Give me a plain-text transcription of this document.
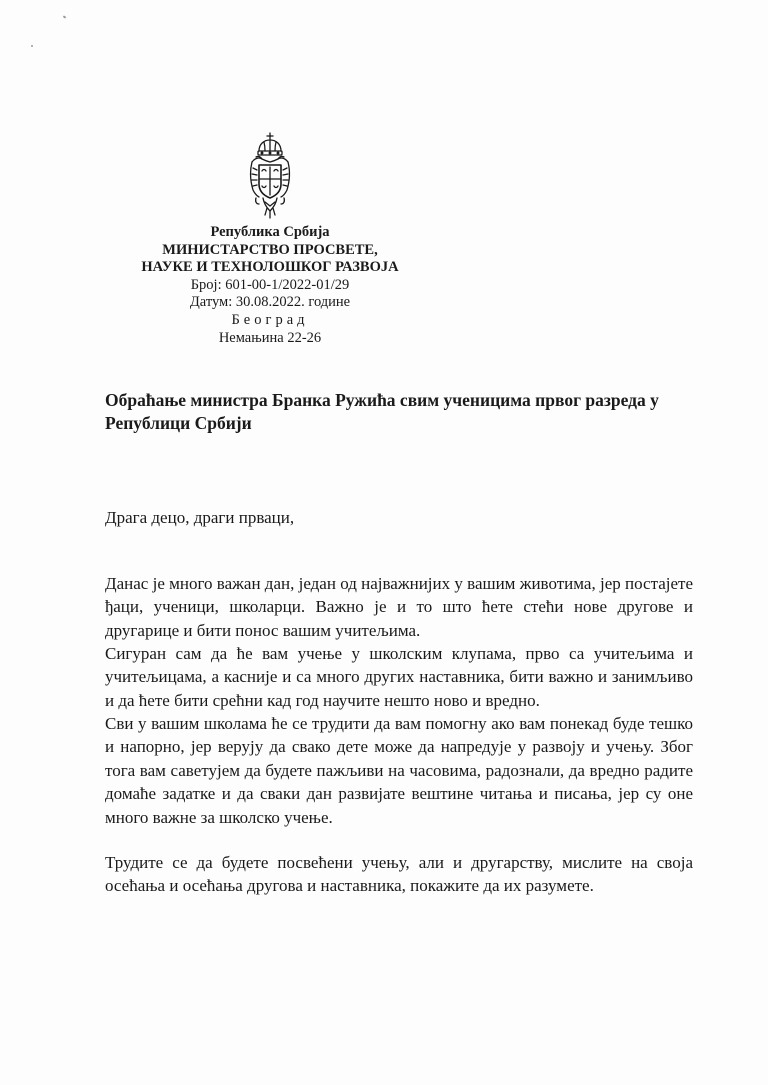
Република Србија
МИНИСТАРСТВО ПРОСВЕТЕ,
НАУКЕ И ТЕХНОЛОШКОГ РАЗВОЈА
Број: 601-00-1/2022-01/29
Датум: 30.08.2022. године
Београд
Немањина 22-26
Обраћање министра Бранка Ружића свим ученицима првог разреда у Републици Србији

Драга децо, драги прваци,

Данас је много важан дан, један од најважнијих у вашим животима, јер постајете ђаци, ученици, школарци. Важно је и то што ћете стећи нове другове и другарице и бити понос вашим учитељима.

Сигуран сам да ће вам учење у школским клупама, прво са учитељима и учитељицама, а касније и са много других наставника, бити важно и занимљиво и да ћете бити срећни кад год научите нешто ново и вредно.

Сви у вашим школама ће се трудити да вам помогну ако вам понекад буде тешко и напорно, јер верују да свако дете може да напредује у развоју и учењу. Због тога вам саветујем да будете пажљиви на часовима, радознали, да вредно радите домаће задатке и да сваки дан развијате вештине читања и писања, јер су оне много важне за школско учење.

Трудите се да будете посвећени учењу, али и другарству, мислите на своја осећања и осећања другова и наставника, покажите да их разумете.
